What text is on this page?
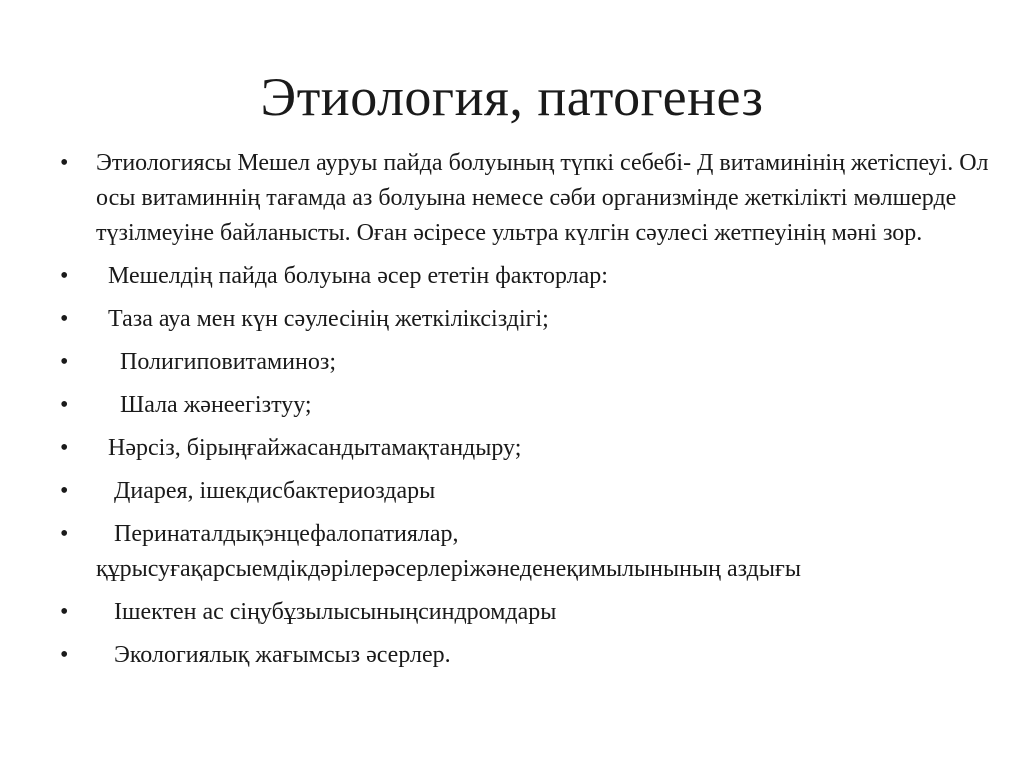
Этиология, патогенез
•	Этиологиясы Мешел ауруы пайда болуының түпкі себебі- Д витаминінің жетіспеуі. Ол осы витаминнің тағамда аз болуына немесе сәби организмінде жеткілікті мөлшерде түзілмеуіне байланысты. Оған әсіресе ультра күлгін сәулесі жетпеуінің мәні зор.
•	Мешелдің пайда болуына әсер ететін факторлар:
•	Таза ауа мен күн сәулесінің жеткіліксіздігі;
•	Полигиповитаминоз;
•	Шала жәнеегізтуу;
•	Нәрсіз, бірыңғайжасандытамақтандыру;
•	Диарея, ішекдисбактериоздары
•	Перинаталдықэнцефалопатиялар,
құрысуғақарсыемдікдәрілерәсерлеріжәнеденеқимылынының аздығы
•	Ішектен ас сіңубұзылысыныңсиндромдары
•	Экологиялық жағымсыз әсерлер.
